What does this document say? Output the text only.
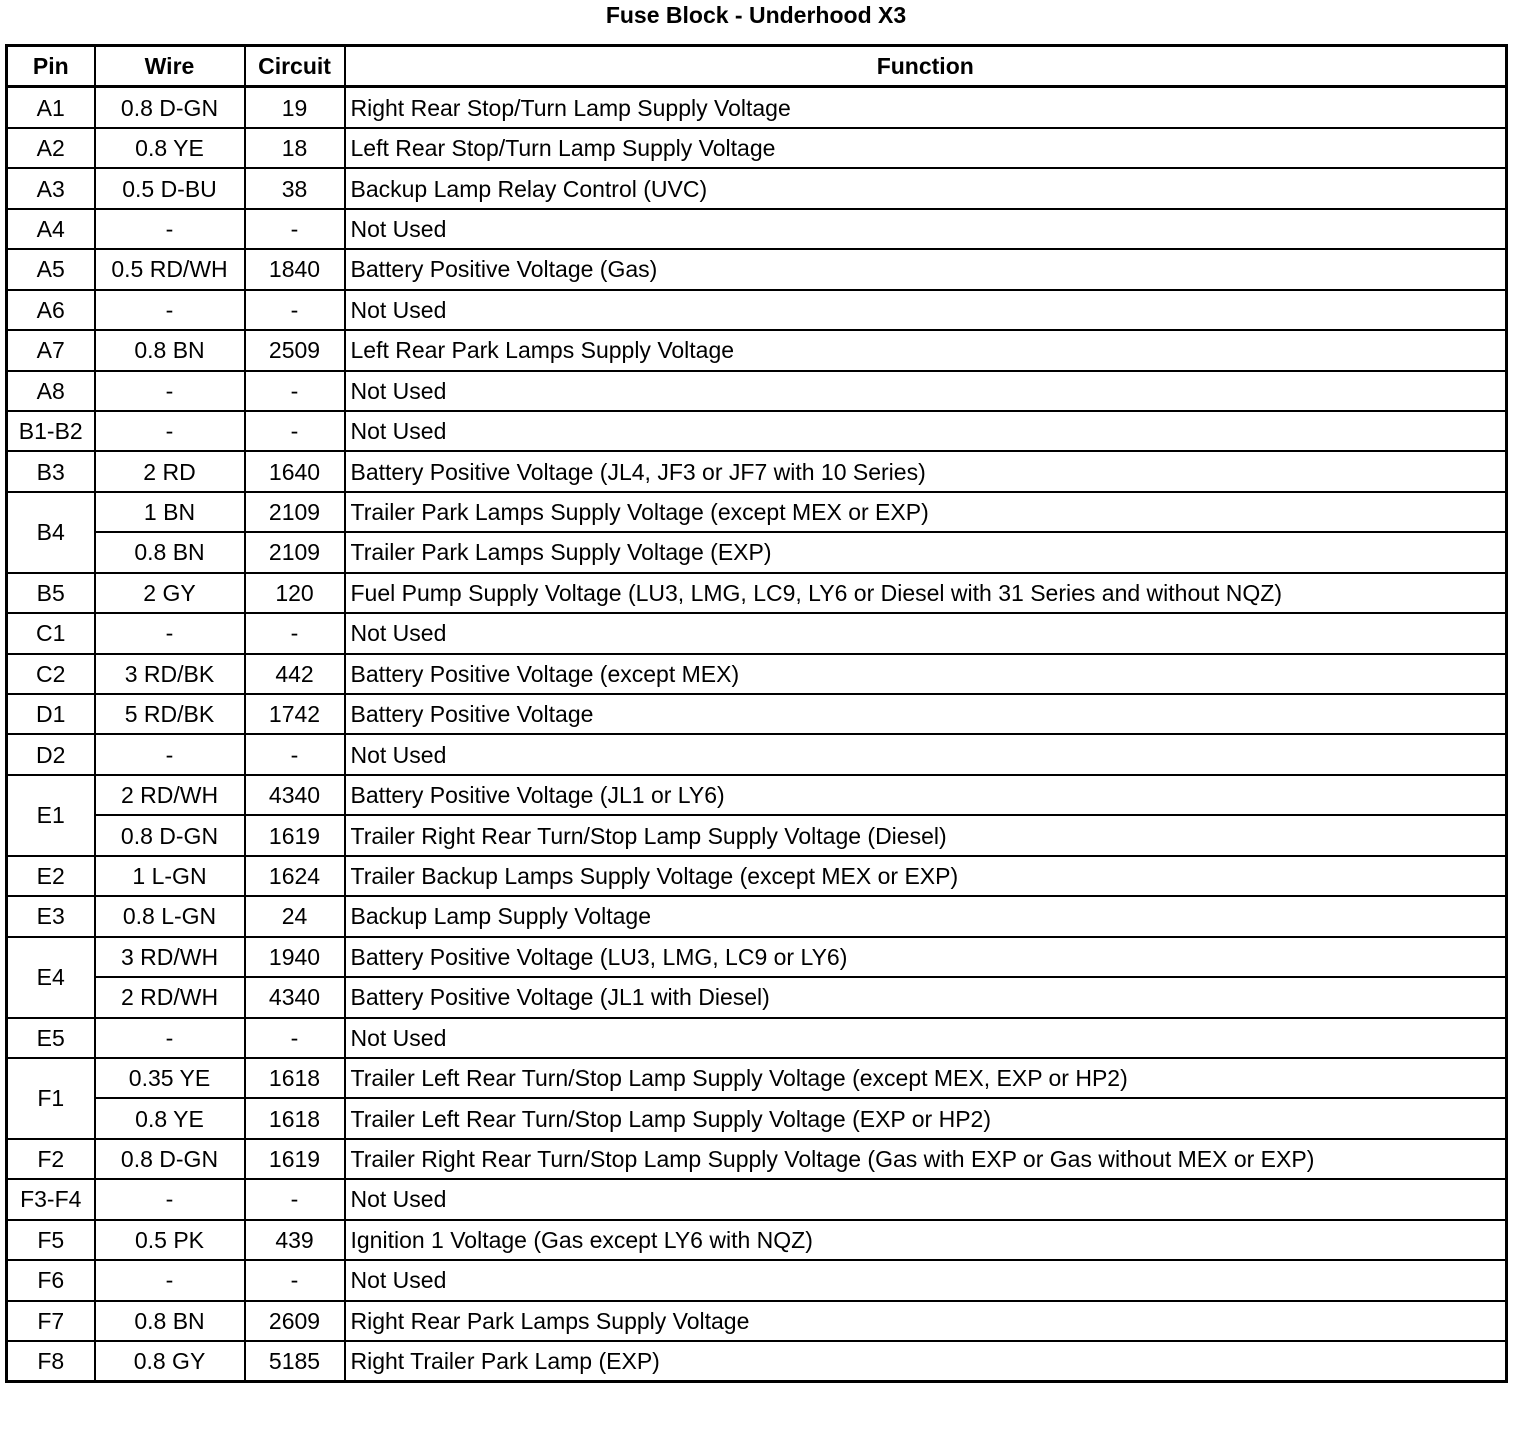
Fuse Block - Underhood X3
Pin	Wire	Circuit	Function
A1	0.8 D-GN	19	Right Rear Stop/Turn Lamp Supply Voltage
A2	0.8 YE	18	Left Rear Stop/Turn Lamp Supply Voltage
A3	0.5 D-BU	38	Backup Lamp Relay Control (UVC)
A4	-	-	Not Used
A5	0.5 RD/WH	1840	Battery Positive Voltage (Gas)
A6	-	-	Not Used
A7	0.8 BN	2509	Left Rear Park Lamps Supply Voltage
A8	-	-	Not Used
B1-B2	-	-	Not Used
B3	2 RD	1640	Battery Positive Voltage (JL4, JF3 or JF7 with 10 Series)
B4	1 BN	2109	Trailer Park Lamps Supply Voltage (except MEX or EXP)
	0.8 BN	2109	Trailer Park Lamps Supply Voltage (EXP)
B5	2 GY	120	Fuel Pump Supply Voltage (LU3, LMG, LC9, LY6 or Diesel with 31 Series and without NQZ)
C1	-	-	Not Used
C2	3 RD/BK	442	Battery Positive Voltage (except MEX)
D1	5 RD/BK	1742	Battery Positive Voltage
D2	-	-	Not Used
E1	2 RD/WH	4340	Battery Positive Voltage (JL1 or LY6)
	0.8 D-GN	1619	Trailer Right Rear Turn/Stop Lamp Supply Voltage (Diesel)
E2	1 L-GN	1624	Trailer Backup Lamps Supply Voltage (except MEX or EXP)
E3	0.8 L-GN	24	Backup Lamp Supply Voltage
E4	3 RD/WH	1940	Battery Positive Voltage (LU3, LMG, LC9 or LY6)
	2 RD/WH	4340	Battery Positive Voltage (JL1 with Diesel)
E5	-	-	Not Used
F1	0.35 YE	1618	Trailer Left Rear Turn/Stop Lamp Supply Voltage (except MEX, EXP or HP2)
	0.8 YE	1618	Trailer Left Rear Turn/Stop Lamp Supply Voltage (EXP or HP2)
F2	0.8 D-GN	1619	Trailer Right Rear Turn/Stop Lamp Supply Voltage (Gas with EXP or Gas without MEX or EXP)
F3-F4	-	-	Not Used
F5	0.5 PK	439	Ignition 1 Voltage (Gas except LY6 with NQZ)
F6	-	-	Not Used
F7	0.8 BN	2609	Right Rear Park Lamps Supply Voltage
F8	0.8 GY	5185	Right Trailer Park Lamp (EXP)
